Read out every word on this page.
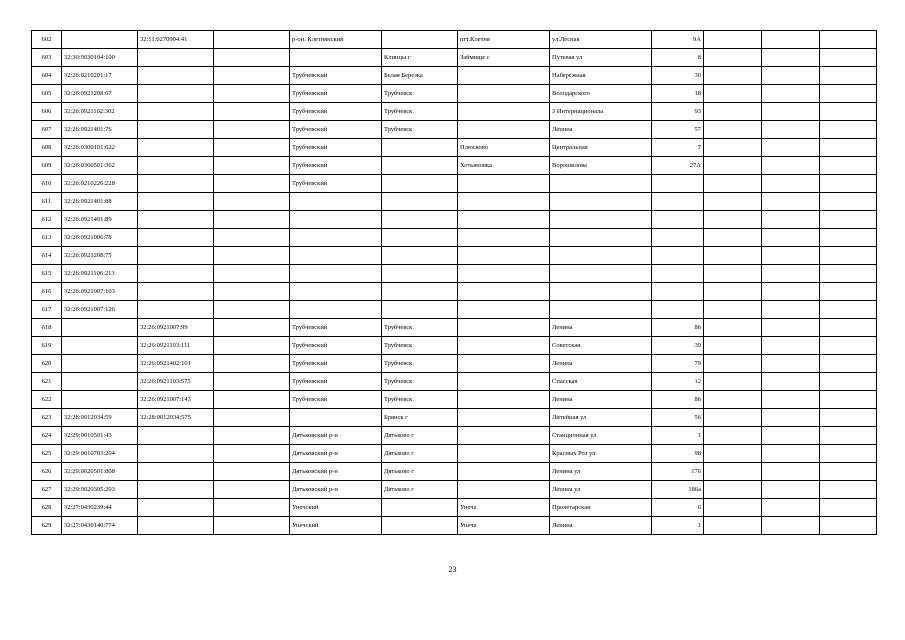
602		32:11:0270904:41		р-он. Клетнянский		пгт.Клетня	ул.Лесная	9А			
603	32:30:0030104:100				Клинцы г	Займище с	Путевая ул	8			
604	32:26:0210201:17			Трубчевский	Белая Березка		Набережная	30			
605	32:26:0921208:67			Трубчевский	Трубчевск		Володарского	18			
606	32:26:0921102:302			Трубчевский	Трубчевск		3 Интернационала	93			
607	32:26:0921401:76			Трубчевский	Трубчевск		Ленина	57			
608	32:26:0300101:622			Трубчевский		Плюсково	Центральная	7			
609	32:26:0360501:362			Трубчевский		Хотьяновка	Ворошилова	27А			
610	32:26:0210226:228			Трубчевский							
611	32:26:0921401:88										
612	32:26:0921401:89										
613	32:26:0921006:78										
614	32:26:0921208:75										
615	32:26:0921106:213										
616	32:26:0921007:103										
617	32:26:0921007:126										
618		32:26:0921007:99		Трубчевский	Трубчевск		Ленина	86			
619		32:26:0921103:111		Трубчевский	Трубчевск		Советская	39			
620		32:26:0921402:101		Трубчевский	Трубчевск		Ленина	79			
621		32:26:0921103:575		Трубчевский	Трубчевск		Спасская	12			
622		32:26:0921007:143		Трубчевский	Трубчевск		Ленина	86			
623	32:28:0012034:59	32:28:0012034:575			Брянск г		Литейная ул	56			
624	32:29:0010501:43			Дятьковский р-н	Дятьково г		Станционная ул	1			
625	32:29:0010703:204			Дятьковский р-н	Дятьково г		Красных Роз ул	98			
626	32:29:0020501:808			Дятьковский р-н	Дятьково г		Ленина ул	176			
627	32:29:0020305:203			Дятьковский р-н	Дятьково г		Ленина ул	186а			
628	32:27:0430239:44			Унечский		Унеча	Пролетарская	6			
629	32:27:0430140:774			Унечский		Унеча	Ленина	1			
23
